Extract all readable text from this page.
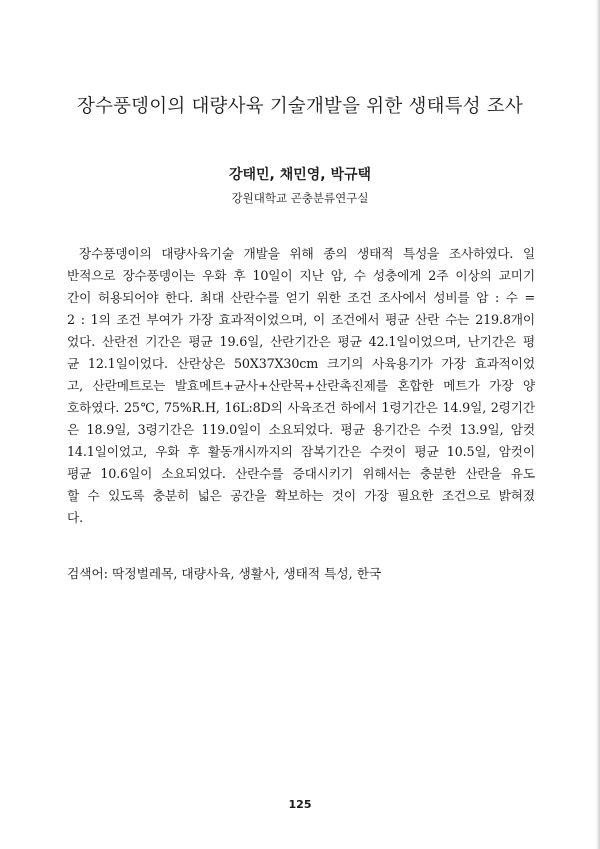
장수풍뎅이의 대량사육 기술개발을 위한 생태특성 조사
강태민, 채민영, 박규택
강원대학교 곤충분류연구실
장수풍뎅이의 대량사육기술 개발을 위해 종의 생태적 특성을 조사하였다. 일
반적으로 장수풍뎅이는 우화 후 10일이 지난 암, 수 성충에게 2주 이상의 교미기
간이 허용되어야 한다. 최대 산란수를 얻기 위한 조건 조사에서 성비를 암 : 수 =
2 : 1의 조건 부여가 가장 효과적이었으며, 이 조건에서 평균 산란 수는 219.8개이
었다. 산란전 기간은 평균 19.6일, 산란기간은 평균 42.1일이었으며, 난기간은 평
균 12.1일이었다. 산란상은 50X37X30cm 크기의 사육용기가 가장 효과적이었
고, 산란메트로는 발효메트+균사+산란목+산란촉진제를 혼합한 메트가 가장 양
호하였다. 25℃, 75%R.H, 16L:8D의 사육조건 하에서 1령기간은 14.9일, 2령기간
은 18.9일, 3령기간은 119.0일이 소요되었다. 평균 용기간은 수컷 13.9일, 암컷
14.1일이었고, 우화 후 활동개시까지의 잠복기간은 수컷이 평균 10.5일, 암컷이
평균 10.6일이 소요되었다. 산란수를 증대시키기 위해서는 충분한 산란을 유도
할 수 있도록 충분히 넓은 공간을 확보하는 것이 가장 필요한 조건으로 밝혀졌
다.
검색어: 딱정벌레목, 대량사육, 생활사, 생태적 특성, 한국
125
